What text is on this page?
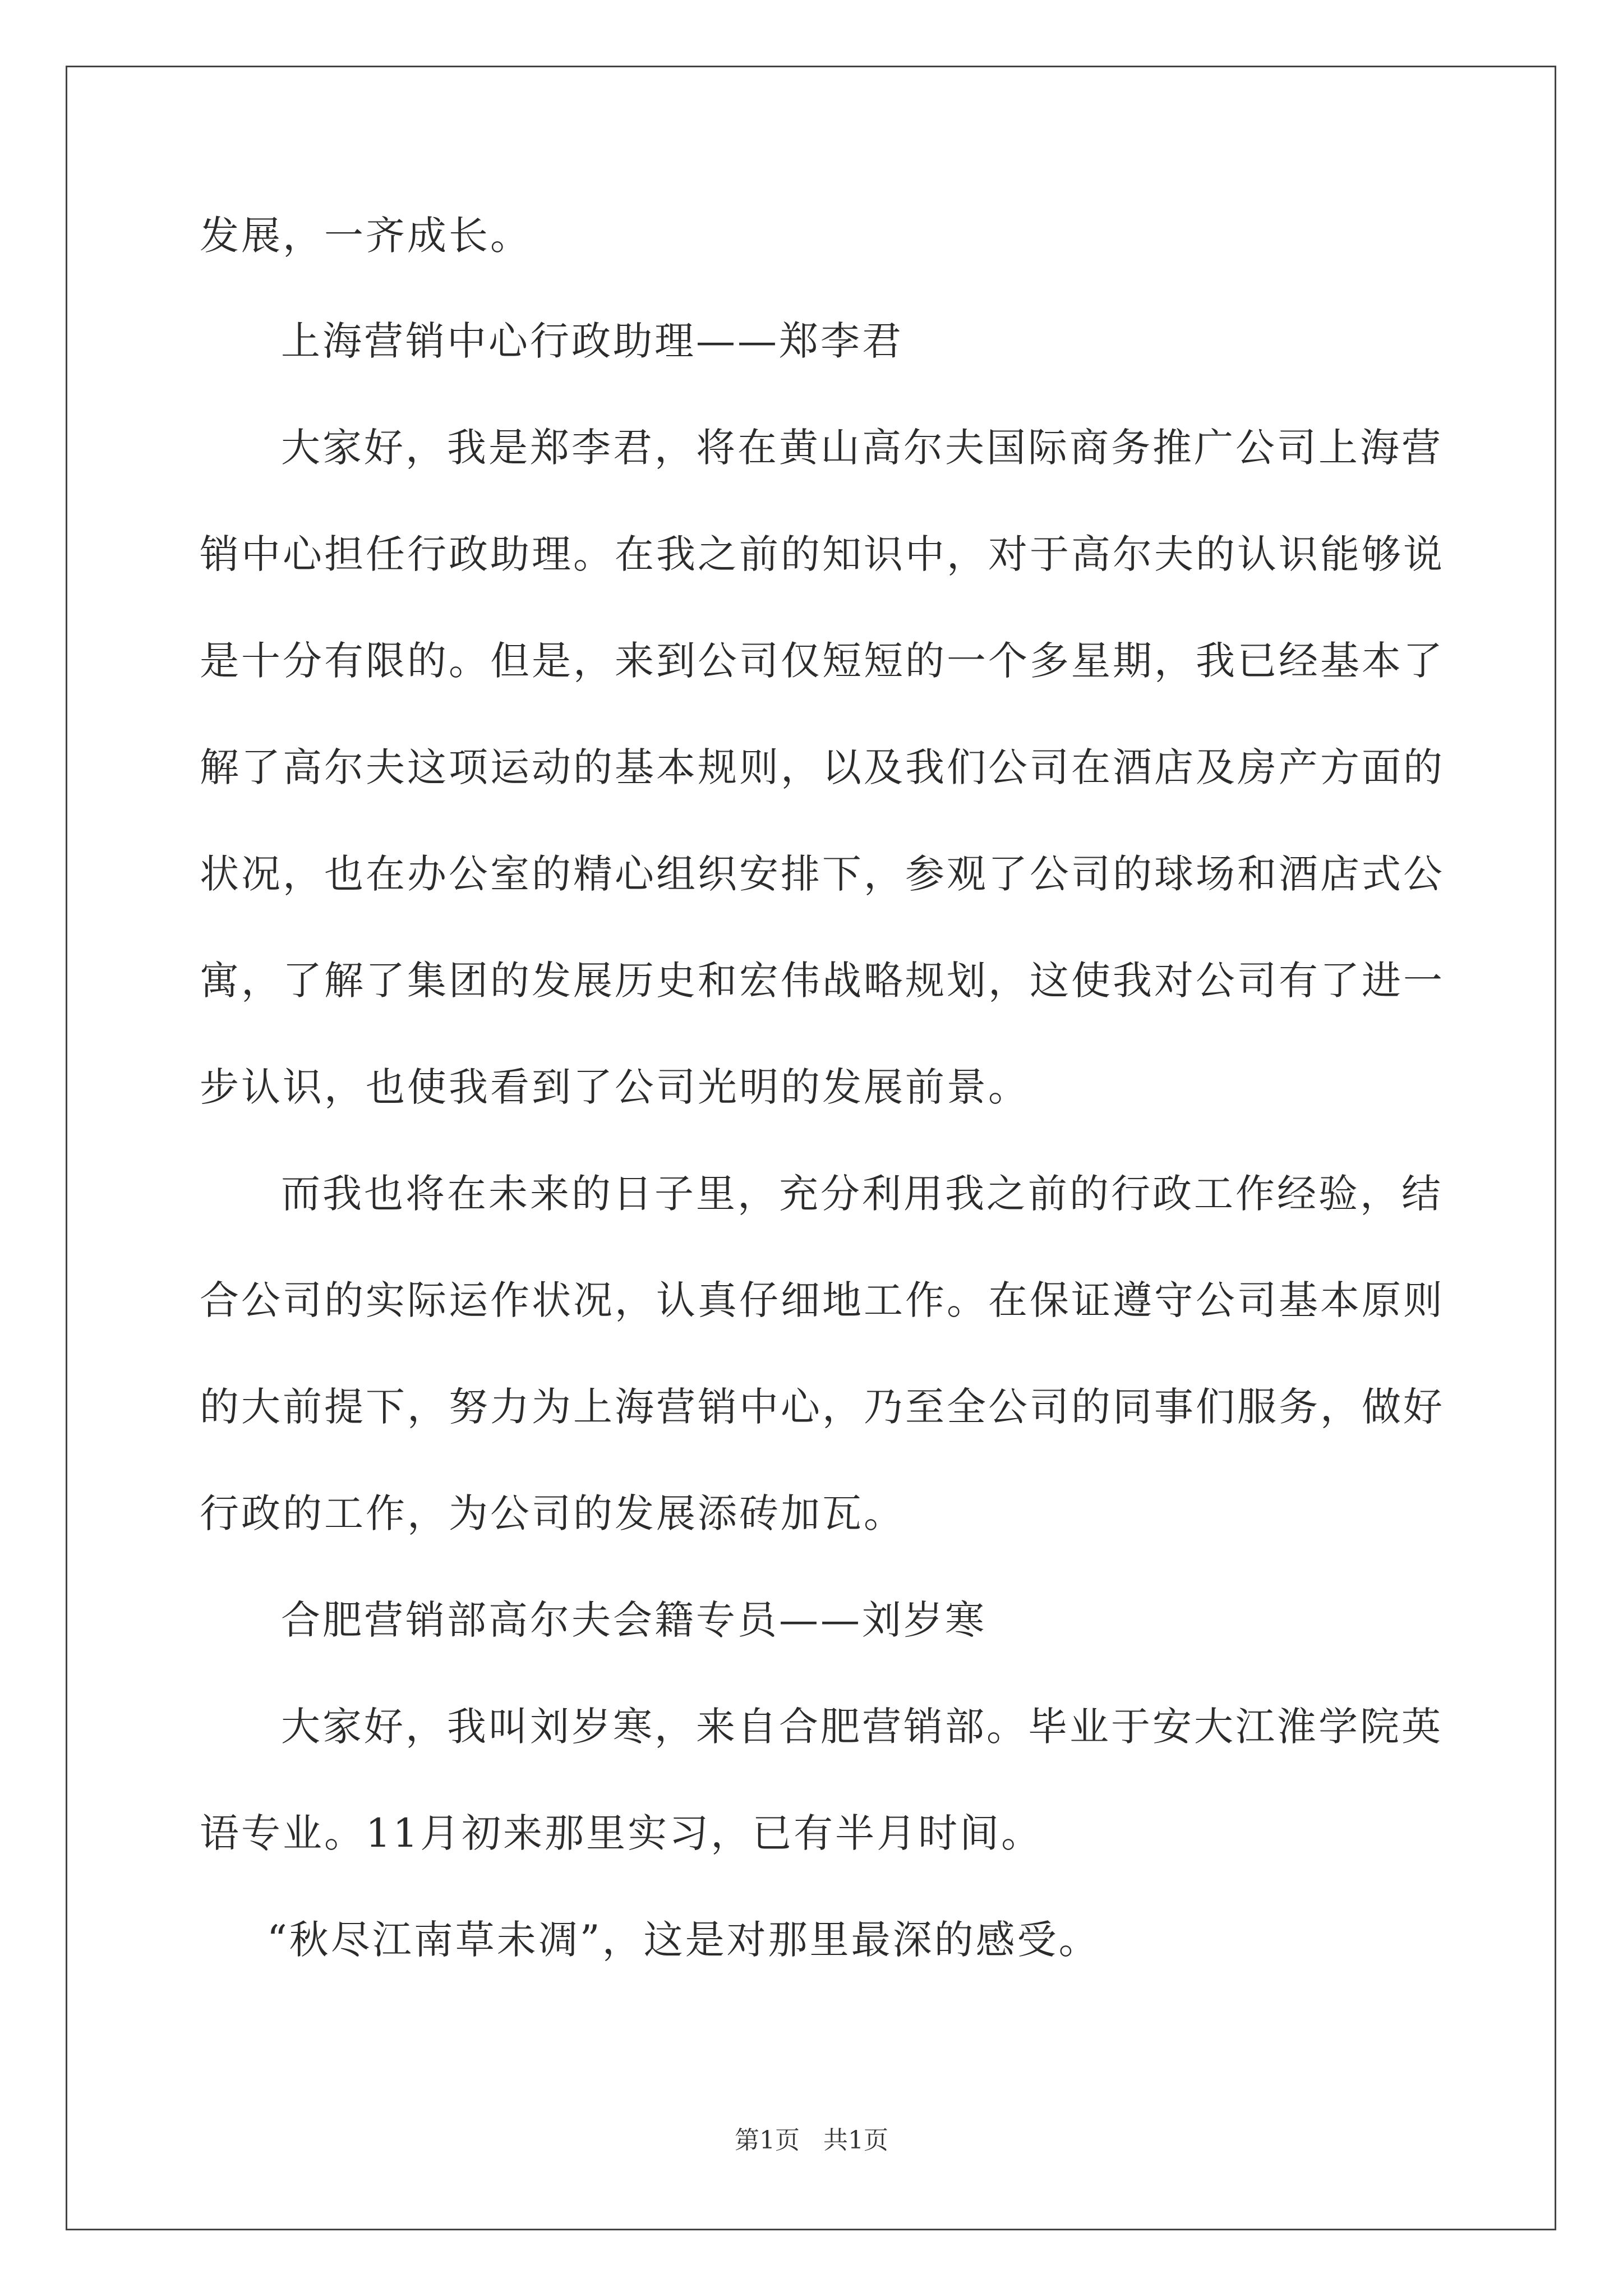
发展，一齐成长。
上海营销中心行政助理——郑李君
大家好，我是郑李君，将在黄山高尔夫国际商务推广公司上海营
销中心担任行政助理。在我之前的知识中，对于高尔夫的认识能够说
是十分有限的。但是，来到公司仅短短的一个多星期，我已经基本了
解了高尔夫这项运动的基本规则，以及我们公司在酒店及房产方面的
状况，也在办公室的精心组织安排下，参观了公司的球场和酒店式公
寓，了解了集团的发展历史和宏伟战略规划，这使我对公司有了进一
步认识，也使我看到了公司光明的发展前景。
而我也将在未来的日子里，充分利用我之前的行政工作经验，结
合公司的实际运作状况，认真仔细地工作。在保证遵守公司基本原则
的大前提下，努力为上海营销中心，乃至全公司的同事们服务，做好
行政的工作，为公司的发展添砖加瓦。
合肥营销部高尔夫会籍专员——刘岁寒
大家好，我叫刘岁寒，来自合肥营销部。毕业于安大江淮学院英
语专业。11月初来那里实习，已有半月时间。
“秋尽江南草未凋”，这是对那里最深的感受。
第1页   共1页
